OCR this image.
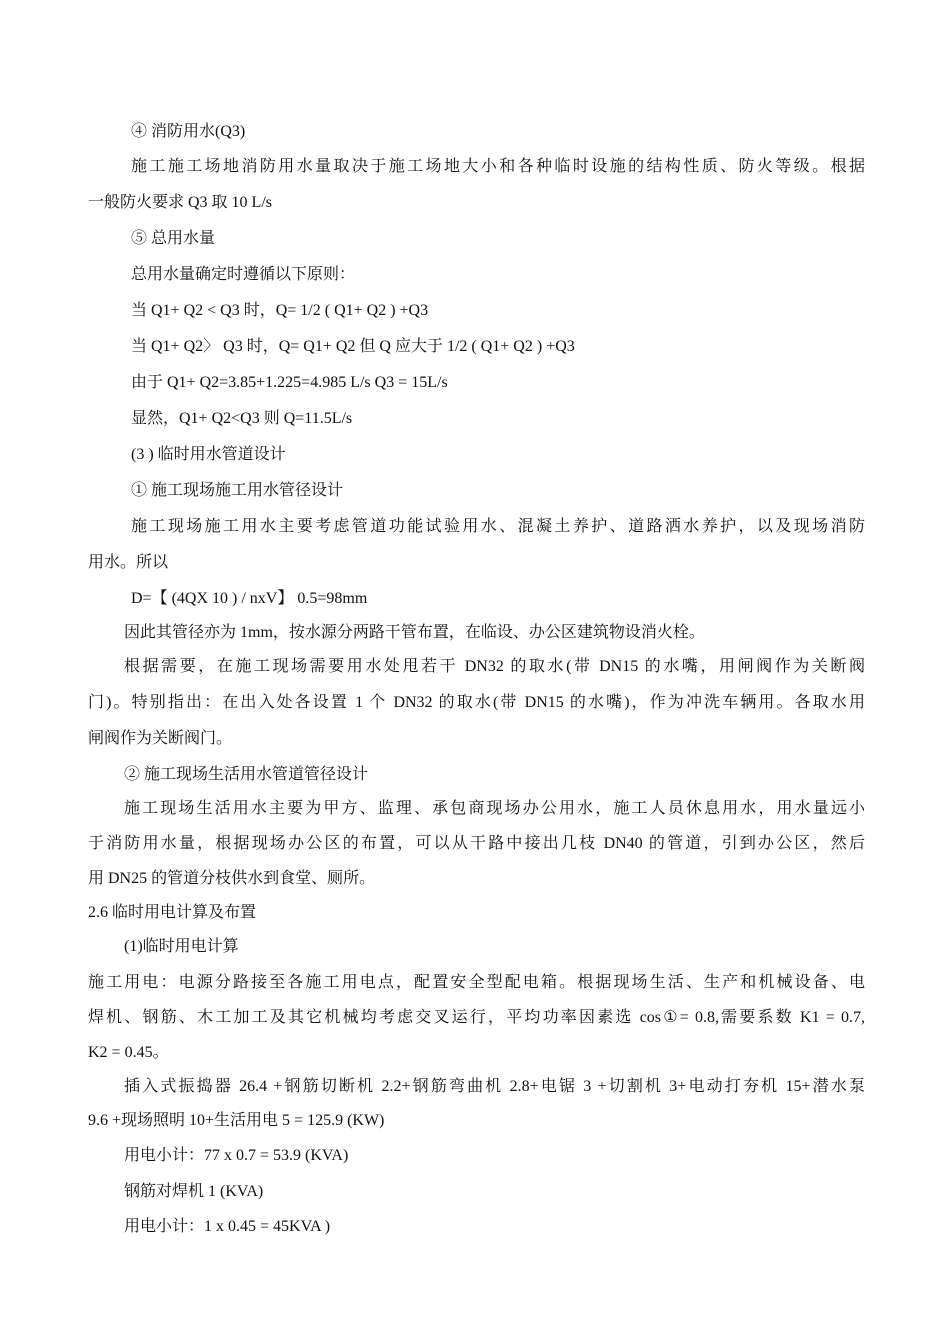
④ 消防用水(Q3)
施工施工场地消防用水量取决于施工场地大小和各种临时设施的结构性质、防火等级。根据
一般防火要求 Q3 取 10 L/s
⑤ 总用水量
总用水量确定时遵循以下原则：
当 Q1+ Q2 < Q3 时，Q= 1/2 ( Q1+ Q2 ) +Q3
当 Q1+ Q2〉 Q3 时，Q= Q1+ Q2 但 Q 应大于 1/2 ( Q1+ Q2 ) +Q3
由于 Q1+ Q2=3.85+1.225=4.985 L/s Q3 = 15L/s
显然，Q1+ Q2<Q3 则 Q=11.5L/s
(3 ) 临时用水管道设计
① 施工现场施工用水管径设计
施工现场施工用水主要考虑管道功能试验用水、混凝土养护、道路洒水养护，以及现场消防
用水。所以
D=【 (4QX 10 ) / nxV】 0.5=98mm
因此其管径亦为 1mm，按水源分两路干管布置，在临设、办公区建筑物设消火栓。
根据需要，在施工现场需要用水处甩若干 DN32 的取水(带 DN15 的水嘴，用闸阀作为关断阀
门)。特别指出：在出入处各设置 1 个 DN32 的取水(带 DN15 的水嘴)，作为冲洗车辆用。各取水用
闸阀作为关断阀门。
② 施工现场生活用水管道管径设计
施工现场生活用水主要为甲方、监理、承包商现场办公用水，施工人员休息用水，用水量远小
于消防用水量，根据现场办公区的布置，可以从干路中接出几枝 DN40 的管道，引到办公区，然后
用 DN25 的管道分枝供水到食堂、厕所。
2.6 临时用电计算及布置
(1)临时用电计算
施工用电：电源分路接至各施工用电点，配置安全型配电箱。根据现场生活、生产和机械设备、电
焊机、钢筋、木工加工及其它机械均考虑交叉运行，平均功率因素选 cos①= 0.8,需要系数 K1 = 0.7,
K2 = 0.45。
插入式振捣器 26.4 +钢筋切断机 2.2+钢筋弯曲机 2.8+电锯 3 +切割机 3+电动打夯机 15+潜水泵
9.6 +现场照明 10+生活用电 5 = 125.9 (KW)
用电小计：77 x 0.7 = 53.9 (KVA)
钢筋对焊机 1 (KVA)
用电小计：1 x 0.45 = 45KVA )
